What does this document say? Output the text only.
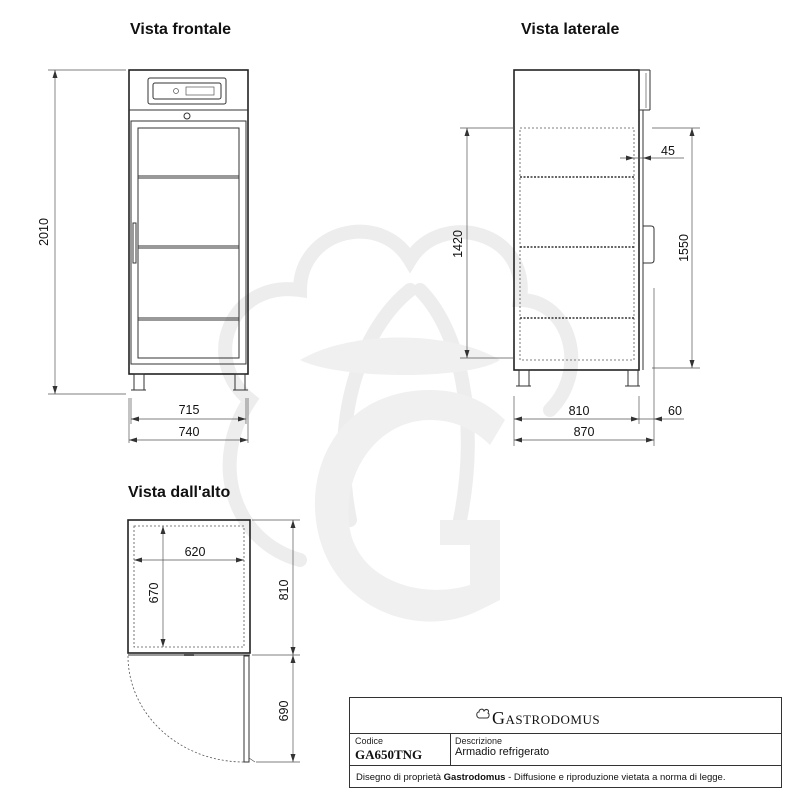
Vista frontale	Vista laterale
Vista dall'alto
2010
715
740
1420	1550
45
810	60
870
620
670	810
690	Gastrodomus
Codice
GA650TNG
Descrizione
Armadio refrigerato
Disegno di proprietà Gastrodomus - Diffusione e riproduzione vietata a norma di legge.
